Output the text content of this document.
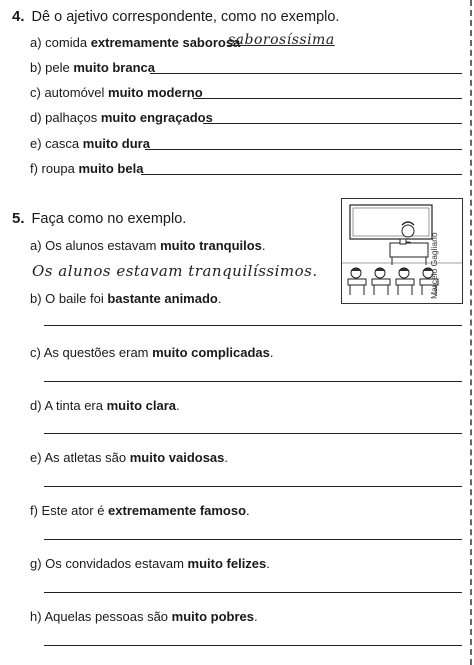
4. Dê o ajetivo correspondente, como no exemplo.
a) comida extremamente saborosa
saborosíssima
b) pele muito branca
c) automóvel muito moderno
d) palhaços muito engraçados
e) casca muito dura
f) roupa muito bela
5. Faça como no exemplo.
Marcelo Gagliano
a) Os alunos estavam muito tranquilos.
Os alunos estavam tranquilíssimos.
b) O baile foi bastante animado.
c) As questões eram muito complicadas.
d) A tinta era muito clara.
e) As atletas são muito vaidosas.
f) Este ator é extremamente famoso.
g) Os convidados estavam muito felizes.
h) Aquelas pessoas são muito pobres.
